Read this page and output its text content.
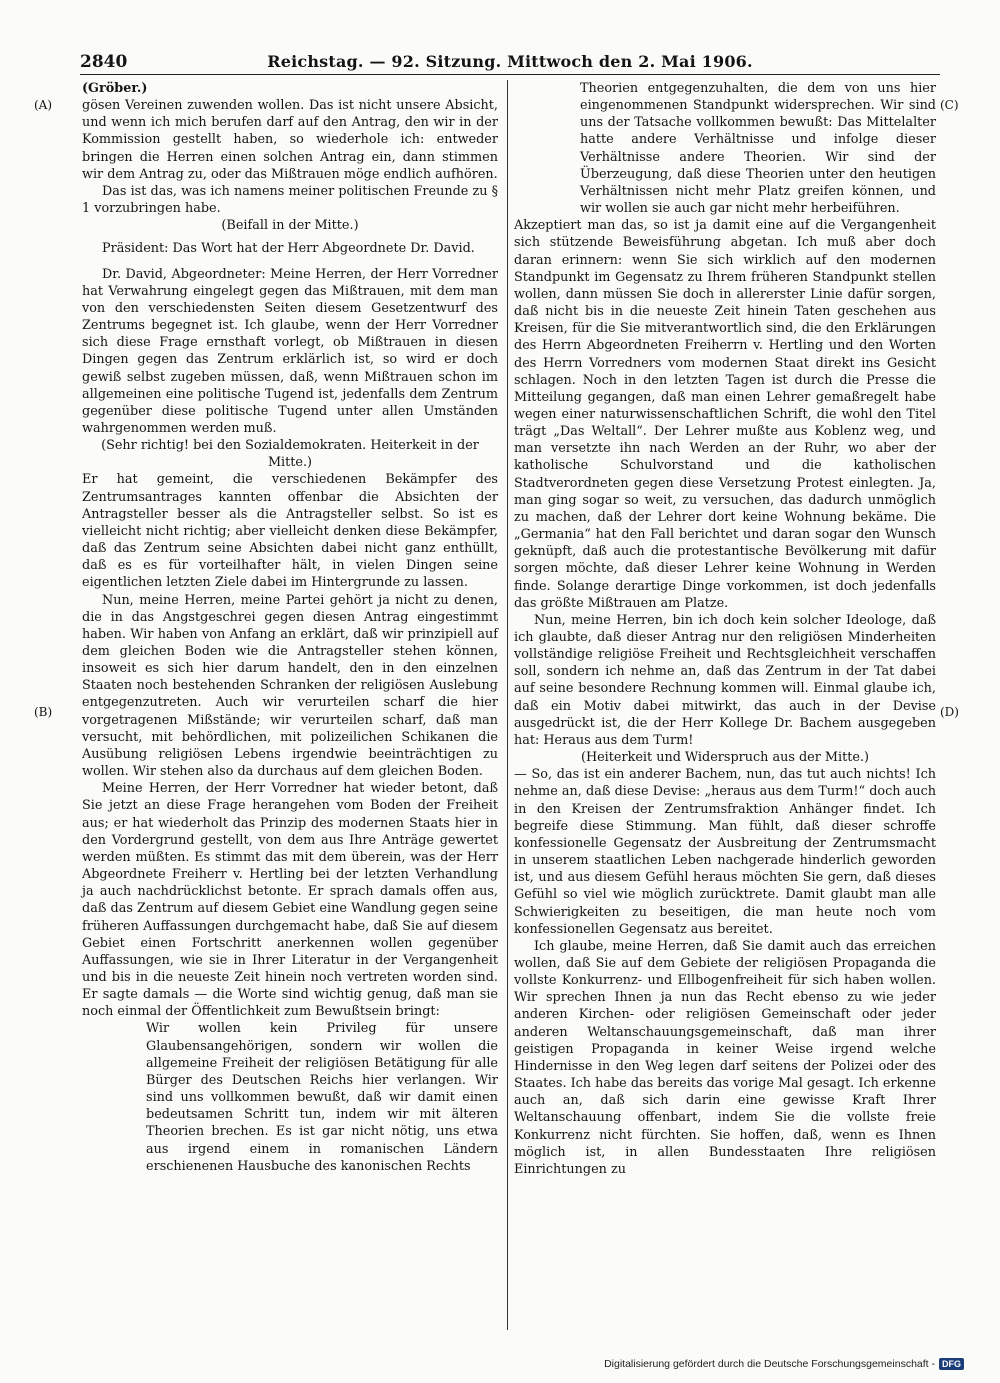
2840	Reichstag. — 92. Sitzung. Mittwoch den 2. Mai 1906.
(A)
(B)
(C)
(D)

(Gröber.)

gösen Vereinen zuwenden wollen. Das ist nicht unsere Absicht, und wenn ich mich berufen darf auf den Antrag, den wir in der Kommission gestellt haben, so wiederhole ich: entweder bringen die Herren einen solchen Antrag ein, dann stimmen wir dem Antrag zu, oder das Mißtrauen möge endlich aufhören.

Das ist das, was ich namens meiner politischen Freunde zu § 1 vorzubringen habe.

(Beifall in der Mitte.)

Präsident: Das Wort hat der Herr Abgeordnete Dr. David.

Dr. David, Abgeordneter: Meine Herren, der Herr Vorredner hat Verwahrung eingelegt gegen das Mißtrauen, mit dem man von den verschiedensten Seiten diesem Gesetzentwurf des Zentrums begegnet ist. Ich glaube, wenn der Herr Vorredner sich diese Frage ernsthaft vorlegt, ob Mißtrauen in diesen Dingen gegen das Zentrum erklärlich ist, so wird er doch gewiß selbst zugeben müssen, daß, wenn Mißtrauen schon im allgemeinen eine politische Tugend ist, jedenfalls dem Zentrum gegenüber diese politische Tugend unter allen Umständen wahrgenommen werden muß.

(Sehr richtig! bei den Sozialdemokraten. Heiterkeit in der Mitte.)

Er hat gemeint, die verschiedenen Bekämpfer des Zentrumsantrages kannten offenbar die Absichten der Antragsteller besser als die Antragsteller selbst. So ist es vielleicht nicht richtig; aber vielleicht denken diese Bekämpfer, daß das Zentrum seine Absichten dabei nicht ganz enthüllt, daß es es für vorteilhafter hält, in vielen Dingen seine eigentlichen letzten Ziele dabei im Hintergrunde zu lassen.

Nun, meine Herren, meine Partei gehört ja nicht zu denen, die in das Angstgeschrei gegen diesen Antrag eingestimmt haben. Wir haben von Anfang an erklärt, daß wir prinzipiell auf dem gleichen Boden wie die Antragsteller stehen können, insoweit es sich hier darum handelt, den in den einzelnen Staaten noch bestehenden Schranken der religiösen Auslebung entgegenzutreten. Auch wir verurteilen scharf die hier vorgetragenen Mißstände; wir verurteilen scharf, daß man versucht, mit behördlichen, mit polizeilichen Schikanen die Ausübung religiösen Lebens irgendwie beeinträchtigen zu wollen. Wir stehen also da durchaus auf dem gleichen Boden.

Meine Herren, der Herr Vorredner hat wieder betont, daß Sie jetzt an diese Frage herangehen vom Boden der Freiheit aus; er hat wiederholt das Prinzip des modernen Staats hier in den Vordergrund gestellt, von dem aus Ihre Anträge gewertet werden müßten. Es stimmt das mit dem überein, was der Herr Abgeordnete Freiherr v. Hertling bei der letzten Verhandlung ja auch nachdrücklichst betonte. Er sprach damals offen aus, daß das Zentrum auf diesem Gebiet eine Wandlung gegen seine früheren Auffassungen durchgemacht habe, daß Sie auf diesem Gebiet einen Fortschritt anerkennen wollen gegenüber Auffassungen, wie sie in Ihrer Literatur in der Vergangenheit und bis in die neueste Zeit hinein noch vertreten worden sind. Er sagte damals — die Worte sind wichtig genug, daß man sie noch einmal der Öffentlichkeit zum Bewußtsein bringt:

Wir wollen kein Privileg für unsere Glaubensangehörigen, sondern wir wollen die allgemeine Freiheit der religiösen Betätigung für alle Bürger des Deutschen Reichs hier verlangen. Wir sind uns vollkommen bewußt, daß wir damit einen bedeutsamen Schritt tun, indem wir mit älteren Theorien brechen. Es ist gar nicht nötig, uns etwa aus irgend einem in romanischen Ländern erschienenen Hausbuche des kanonischen Rechts

Theorien entgegenzuhalten, die dem von uns hier eingenommenen Standpunkt widersprechen. Wir sind uns der Tatsache vollkommen bewußt: Das Mittelalter hatte andere Verhältnisse und infolge dieser Verhältnisse andere Theorien. Wir sind der Überzeugung, daß diese Theorien unter den heutigen Verhältnissen nicht mehr Platz greifen können, und wir wollen sie auch gar nicht mehr herbeiführen.

Akzeptiert man das, so ist ja damit eine auf die Vergangenheit sich stützende Beweisführung abgetan. Ich muß aber doch daran erinnern: wenn Sie sich wirklich auf den modernen Standpunkt im Gegensatz zu Ihrem früheren Standpunkt stellen wollen, dann müssen Sie doch in allererster Linie dafür sorgen, daß nicht bis in die neueste Zeit hinein Taten geschehen aus Kreisen, für die Sie mitverantwortlich sind, die den Erklärungen des Herrn Abgeordneten Freiherrn v. Hertling und den Worten des Herrn Vorredners vom modernen Staat direkt ins Gesicht schlagen. Noch in den letzten Tagen ist durch die Presse die Mitteilung gegangen, daß man einen Lehrer gemaßregelt habe wegen einer naturwissenschaftlichen Schrift, die wohl den Titel trägt „Das Weltall“. Der Lehrer mußte aus Koblenz weg, und man versetzte ihn nach Werden an der Ruhr, wo aber der katholische Schulvorstand und die katholischen Stadtverordneten gegen diese Versetzung Protest einlegten. Ja, man ging sogar so weit, zu versuchen, das dadurch unmöglich zu machen, daß der Lehrer dort keine Wohnung bekäme. Die „Germania“ hat den Fall berichtet und daran sogar den Wunsch geknüpft, daß auch die protestantische Bevölkerung mit dafür sorgen möchte, daß dieser Lehrer keine Wohnung in Werden finde. Solange derartige Dinge vorkommen, ist doch jedenfalls das größte Mißtrauen am Platze.

Nun, meine Herren, bin ich doch kein solcher Ideologe, daß ich glaubte, daß dieser Antrag nur den religiösen Minderheiten vollständige religiöse Freiheit und Rechtsgleichheit verschaffen soll, sondern ich nehme an, daß das Zentrum in der Tat dabei auf seine besondere Rechnung kommen will. Einmal glaube ich, daß ein Motiv dabei mitwirkt, das auch in der Devise ausgedrückt ist, die der Herr Kollege Dr. Bachem ausgegeben hat: Heraus aus dem Turm!

(Heiterkeit und Widerspruch aus der Mitte.)

— So, das ist ein anderer Bachem, nun, das tut auch nichts! Ich nehme an, daß diese Devise: „heraus aus dem Turm!“ doch auch in den Kreisen der Zentrumsfraktion Anhänger findet. Ich begreife diese Stimmung. Man fühlt, daß dieser schroffe konfessionelle Gegensatz der Ausbreitung der Zentrumsmacht in unserem staatlichen Leben nachgerade hinderlich geworden ist, und aus diesem Gefühl heraus möchten Sie gern, daß dieses Gefühl so viel wie möglich zurücktrete. Damit glaubt man alle Schwierigkeiten zu beseitigen, die man heute noch vom konfessionellen Gegensatz aus bereitet.

Ich glaube, meine Herren, daß Sie damit auch das erreichen wollen, daß Sie auf dem Gebiete der religiösen Propaganda die vollste Konkurrenz- und Ellbogenfreiheit für sich haben wollen. Wir sprechen Ihnen ja nun das Recht ebenso zu wie jeder anderen Kirchen- oder religiösen Gemeinschaft oder jeder anderen Weltanschauungsgemeinschaft, daß man ihrer geistigen Propaganda in keiner Weise irgend welche Hindernisse in den Weg legen darf seitens der Polizei oder des Staates. Ich habe das bereits das vorige Mal gesagt. Ich erkenne auch an, daß sich darin eine gewisse Kraft Ihrer Weltanschauung offenbart, indem Sie die vollste freie Konkurrenz nicht fürchten. Sie hoffen, daß, wenn es Ihnen möglich ist, in allen Bundesstaaten Ihre religiösen Einrichtungen zu

Digitalisierung gefördert durch die Deutsche Forschungsgemeinschaft - DFG
